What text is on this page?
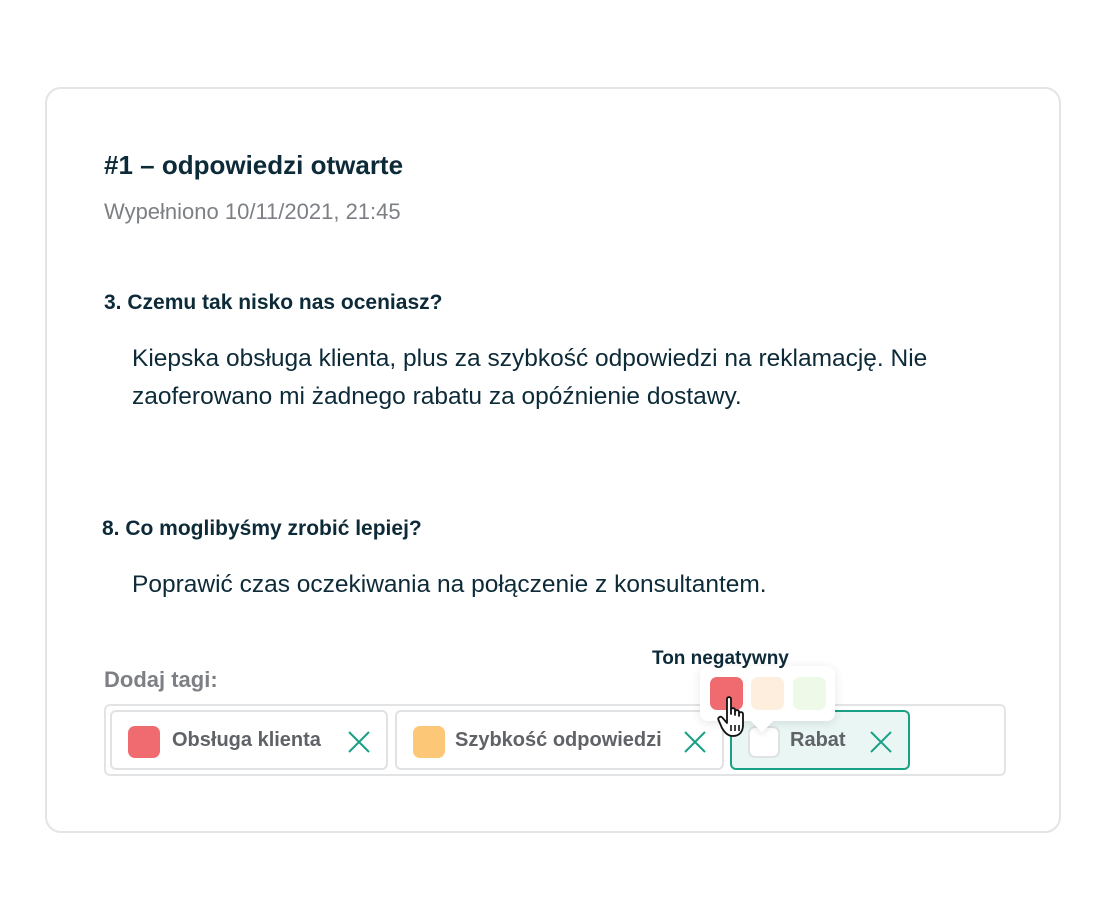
#1 – odpowiedzi otwarte
Wypełniono 10/11/2021, 21:45
3. Czemu tak nisko nas oceniasz?
Kiepska obsługa klienta, plus za szybkość odpowiedzi na reklamację. Nie zaoferowano mi żadnego rabatu za opóźnienie dostawy.
8. Co moglibyśmy zrobić lepiej?
Poprawić czas oczekiwania na połączenie z konsultantem.
Dodaj tagi:
Obsługa klienta	Szybkość odpowiedzi	Rabat
Ton negatywny
